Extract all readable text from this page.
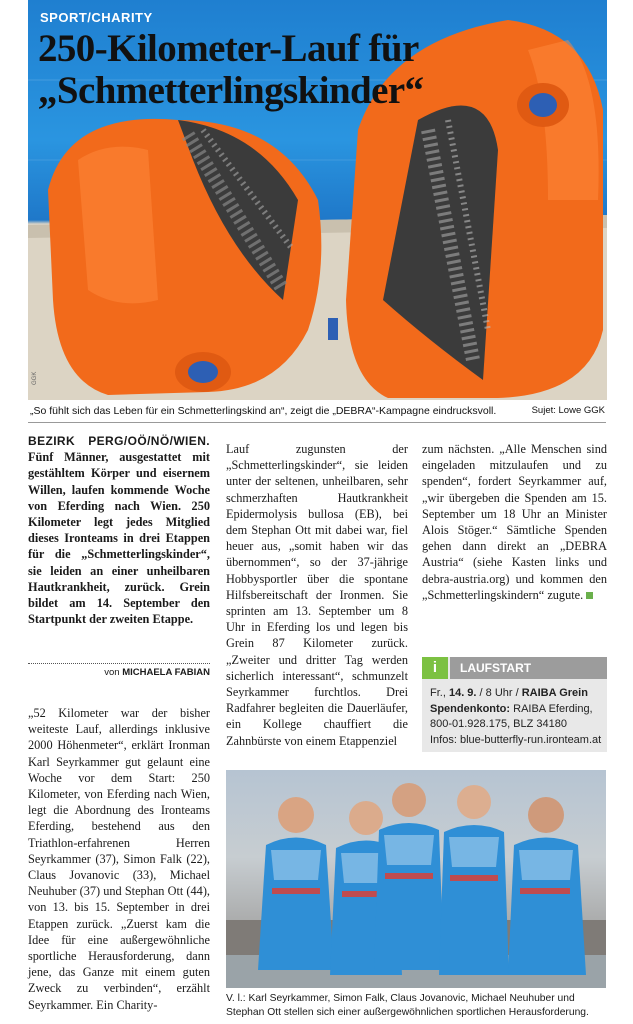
GGK
SPORT/CHARITY
250-Kilometer-Lauf für
„Schmetterlingskinder“
„So fühlt sich das Leben für ein Schmetterlingskind an“, zeigt die „DEBRA“-Kampagne eindrucksvoll.	Sujet: Lowe GGK

BEZIRK PERG/OÖ/NÖ/WIEN. Fünf Männer, ausgestattet mit gestähltem Körper und eisernem Willen, laufen kommende Woche von Eferding nach Wien. 250 Kilometer legt jedes Mitglied dieses Ironteams in drei Etappen für die „Schmetterlingskinder“, sie leiden an einer unheilbaren Hautkrankheit, zurück. Grein bildet am 14. September den Startpunkt der zweiten Etappe.

von MICHAELA FABIAN

„52 Kilometer war der bisher weiteste Lauf, allerdings inklusive 2000 Höhenmeter“, erklärt Ironman Karl Seyrkammer gut gelaunt eine Woche vor dem Start: 250 Kilometer, von Eferding nach Wien, legt die Abordnung des Ironteams Eferding, bestehend aus den Triathlon-erfahrenen Herren Seyrkammer (37), Simon Falk (22), Claus Jovanovic (33), Michael Neuhuber (37) und Stephan Ott (44), von 13. bis 15. September in drei Etappen zurück. „Zuerst kam die Idee für eine außergewöhnliche sportliche Herausforderung, dann jene, das Ganze mit einem guten Zweck zu verbinden“, erzählt Seyrkammer. Ein Charity-

Lauf zugunsten der „Schmetterlingskinder“, sie leiden unter der seltenen, unheilbaren, sehr schmerzhaften Hautkrankheit Epidermolysis bullosa (EB), bei dem Stephan Ott mit dabei war, fiel heuer aus, „somit haben wir das übernommen“, so der 37-jährige Hobbysportler über die spontane Hilfsbereitschaft der Ironmen. Sie sprinten am 13. September um 8 Uhr in Eferding los und legen bis Grein 87 Kilometer zurück. „Zweiter und dritter Tag werden sicherlich interessant“, schmunzelt Seyrkammer furchtlos. Drei Radfahrer begleiten die Dauerläufer, ein Kollege chauffiert die Zahnbürste von einem Etappenziel

zum nächsten. „Alle Menschen sind eingeladen mitzulaufen und zu spenden“, fordert Seyrkammer auf, „wir übergeben die Spenden am 15. September um 18 Uhr an Minister Alois Stöger.“ Sämtliche Spenden gehen dann direkt an „DEBRA Austria“ (siehe Kasten links und debra-austria.org) und kommen den „Schmetterlingskindern“ zugute.

i	LAUFSTART
Fr., 14. 9. / 8 Uhr / RAIBA Grein
Spendenkonto: RAIBA Eferding,
800-01.928.175, BLZ 34180
Infos: blue-butterfly-run.ironteam.at
V. l.: Karl Seyrkammer, Simon Falk, Claus Jovanovic, Michael Neuhuber und Stephan Ott stellen sich einer außergewöhnlichen sportlichen Herausforderung.
